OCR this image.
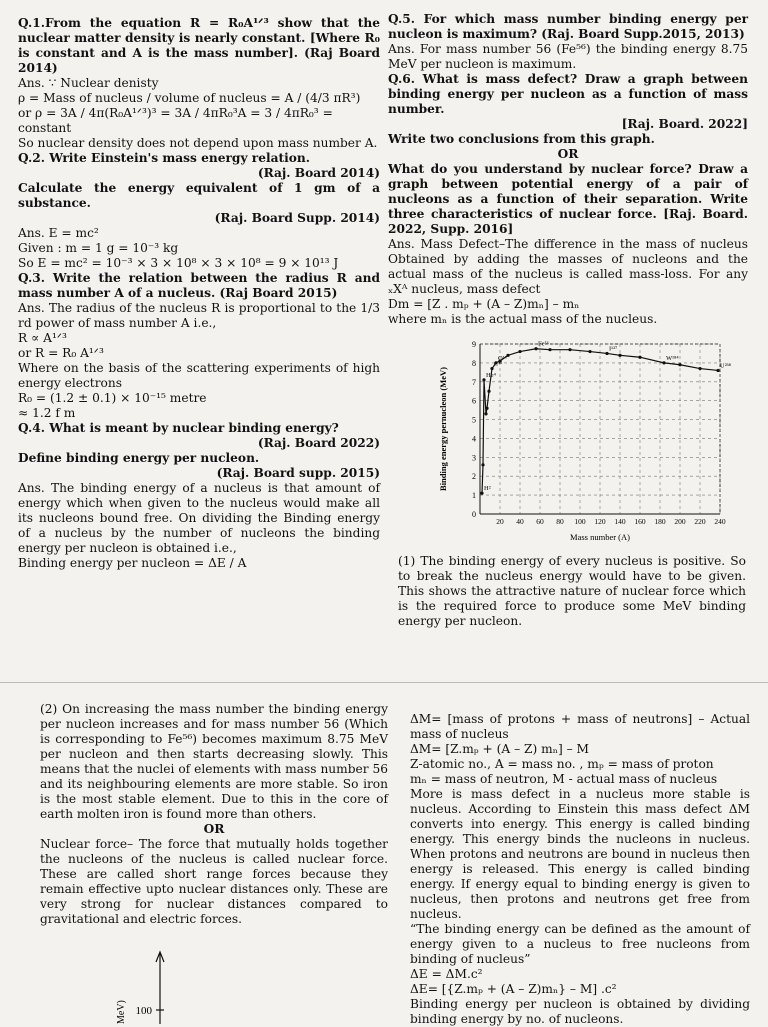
Q.1.From the equation R = R₀A¹ᐟ³ show that the nuclear matter density is nearly constant. [Where R₀ is constant and A is the mass number]. (Raj Board 2014)

Ans. ∵ Nuclear denisty

ρ = Mass of nucleus / volume of nucleus = A / (4/3 πR³)

or ρ = 3A / 4π(R₀A¹ᐟ³)³ = 3A / 4πR₀³A = 3 / 4πR₀³ = constant

So nuclear density does not depend upon mass number A.

Q.2. Write Einstein's mass energy relation.

(Raj. Board 2014)

Calculate the energy equivalent of 1 gm of a substance.

(Raj. Board Supp. 2014)

Ans. E = mc²

Given : m = 1 g = 10⁻³ kg

So E = mc² = 10⁻³ × 3 × 10⁸ × 3 × 10⁸ = 9 × 10¹³ J

Q.3. Write the relation between the radius R and mass number A of a nucleus. (Raj Board 2015)

Ans. The radius of the nucleus R is proportional to the 1/3 rd power of mass number A i.e.,

R ∝ A¹ᐟ³

or R = R₀ A¹ᐟ³

Where on the basis of the scattering experiments of high energy electrons

R₀ = (1.2 ± 0.1) × 10⁻¹⁵ metre

≈ 1.2 f m

Q.4. What is meant by nuclear binding energy?

(Raj. Board 2022)

Define binding energy per nucleon.

(Raj. Board supp. 2015)

Ans. The binding energy of a nucleus is that amount of energy which when given to the nucleus would make all its nucleons bound free. On dividing the Binding energy of a nucleus by the number of nucleons the binding energy per nucleon is obtained i.e.,

Binding energy per nucleon = ΔE / A

Q.5. For which mass number binding energy per nucleon is maximum? (Raj. Board Supp.2015, 2013)

Ans. For mass number 56 (Fe⁵⁶) the binding energy 8.75 MeV per nucleon is maximum.

Q.6. What is mass defect? Draw a graph between binding energy per nucleon as a function of mass number.

[Raj. Board. 2022]

Write two conclusions from this graph.

OR

What do you understand by nuclear force? Draw a graph between potential energy of a pair of nucleons as a function of their separation. Write three characteristics of nuclear force. [Raj. Board. 2022, Supp. 2016]

Ans. Mass Defect–The difference in the mass of nucleus Obtained by adding the masses of nucleons and the actual mass of the nucleus is called mass-loss. For any ₓXᴬ nucleus, mass defect

Dm = [Z . mₚ + (A – Z)mₙ] – mₙ

where mₙ is the actual mass of the nucleus.

0
1
2
3
4
5
6
7
8
9
20 40 60 80 100 120 140 160 180 200 220 240
H²
He⁴
C¹²
O¹⁶
Fe⁵⁶
I¹²⁷
W¹⁸⁴
U²³⁸
Mass number (A)
Binding energy pernucleon (MeV)

(1) The binding energy of every nucleus is positive. So to break the nucleus energy would have to be given. This shows the attractive nature of nuclear force which is the required force to produce some MeV binding energy per nucleon.

(2) On increasing the mass number the binding energy per nucleon increases and for mass number 56 (Which is corresponding to Fe⁵⁶) becomes maximum 8.75 MeV per nucleon and then starts decreasing slowly. This means that the nuclei of elements with mass number 56 and its neighbouring elements are more stable. So iron is the most stable element. Due to this in the core of earth molten iron is found more than others.

OR

Nuclear force– The force that mutually holds together the nucleons of the nucleus is called nuclear force. These are called short range forces because they remain effective upto nuclear distances only. These are very strong for nuclear distances compared to gravitational and electric forces.

ΔM= [mass of protons + mass of neutrons] – Actual mass of nucleus

ΔM= [Z.mₚ + (A – Z) mₙ] – M

Z-atomic no., A = mass no. , mₚ = mass of proton

mₙ = mass of neutron, M - actual mass of nucleus

More is mass defect in a nucleus more stable is nucleus. According to Einstein this mass defect ΔM converts into energy. This energy is called binding energy. This energy binds the nucleons in nucleus. When protons and neutrons are bound in nucleus then energy is released. This energy is called binding energy. If energy equal to binding energy is given to nucleus, then protons and neutrons get free from nucleus.

“The binding energy can be defined as the amount of energy given to a nucleus to free nucleons from binding of nucleus”

ΔE = ΔM.c²

ΔE= [{Z.mₚ + (A – Z)mₙ} – M] .c²

Binding energy per nucleon is obtained by dividing binding energy by no. of nucleons.

100
MeV)
